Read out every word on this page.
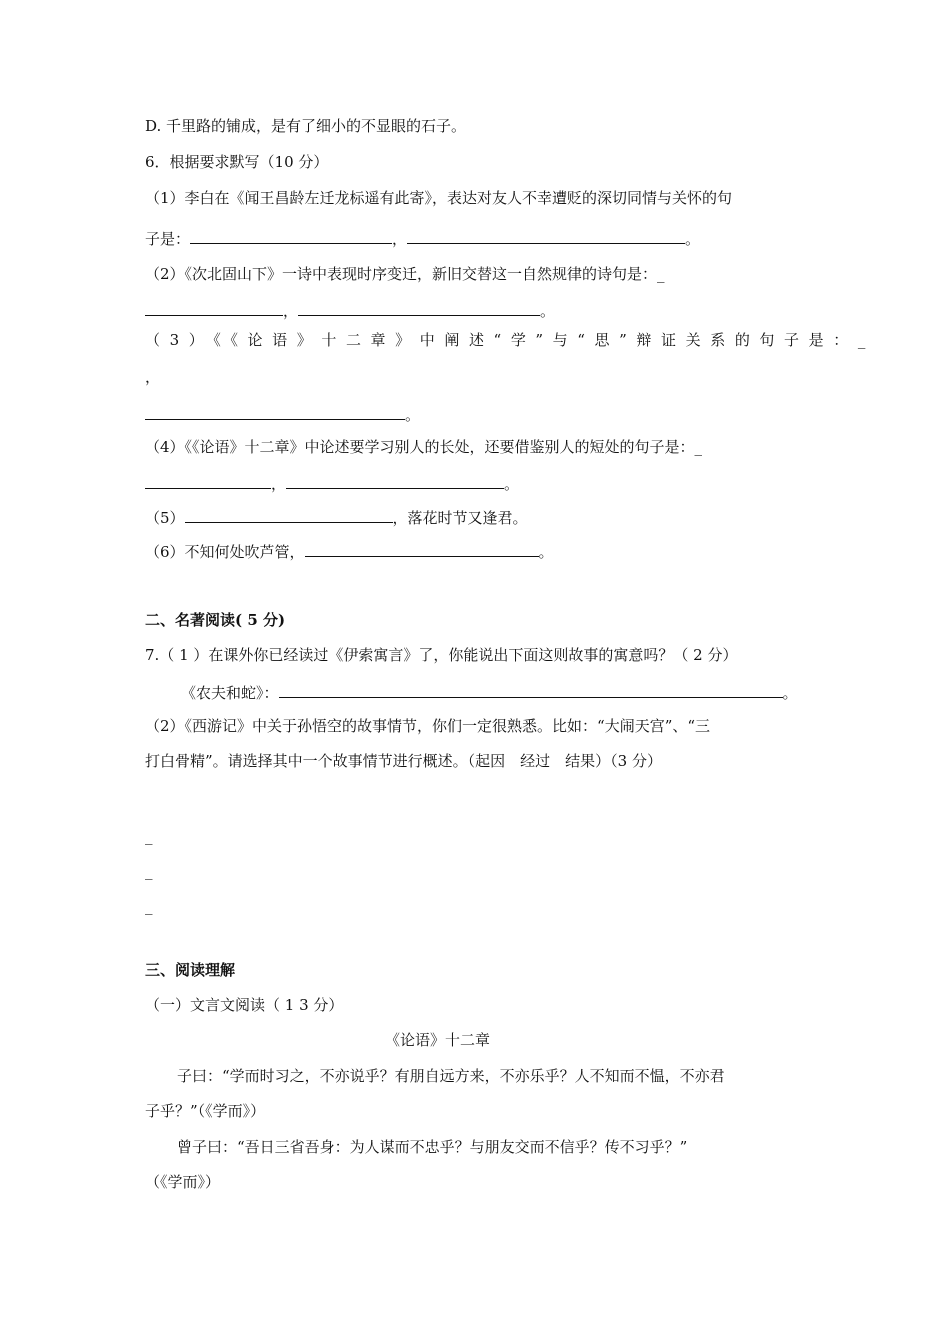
D. 千里路的铺成，是有了细小的不显眼的石子。
6．根据要求默写（10 分）
（1）李白在《闻王昌龄左迁龙标遥有此寄》，表达对友人不幸遭贬的深切同情与关怀的句
子是：	，	。
（2）《次北固山下》一诗中表现时序变迁，新旧交替这一自然规律的诗句是：_
，	。
（3）《《论语》十二章》中阐述“学”与“思”辩证关系的句子是：_
，
。
（4）《《论语》十二章》中论述要学习别人的长处，还要借鉴别人的短处的句子是：_
，	。
（5）	，落花时节又逢君。
（6）不知何处吹芦管，	。
二、名著阅读( 5 分)
7.（ 1 ）在课外你已经读过《伊索寓言》了，你能说出下面这则故事的寓意吗？（ 2 分）
《农夫和蛇》：	。
（2）《西游记》中关于孙悟空的故事情节，你们一定很熟悉。比如：“大闹天宫”、“三
打白骨精”。请选择其中一个故事情节进行概述。（起因　经过　结果）（3 分）
_
_
_
三、阅读理解
（一）文言文阅读（ 1 3 分）
《论语》十二章
子曰：“学而时习之，不亦说乎？有朋自远方来，不亦乐乎？人不知而不愠，不亦君
子乎？”（《学而》）
曾子曰：“吾日三省吾身：为人谋而不忠乎？与朋友交而不信乎？传不习乎？”
（《学而》）
